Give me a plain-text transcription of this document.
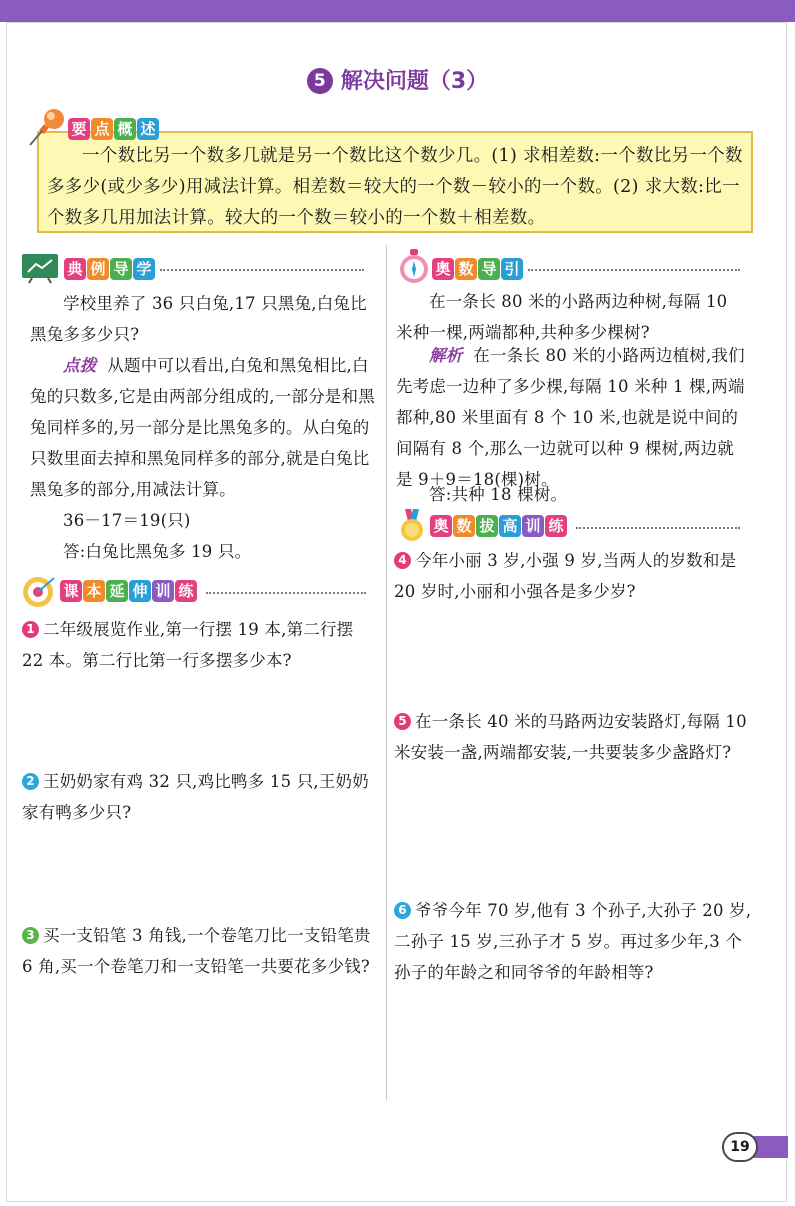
5 解决问题（3）
一个数比另一个数多几就是另一个数比这个数少几。(1) 求相差数:一个数比另一个数多多少(或少多少)用减法计算。相差数＝较大的一个数－较小的一个数。(2) 求大数:比一个数多几用加法计算。较大的一个数＝较小的一个数＋相差数。
要 点 概 述
典 例 导 学
学校里养了 36 只白兔,17 只黑兔,白兔比黑兔多多少只?
点拨 从题中可以看出,白兔和黑兔相比,白兔的只数多,它是由两部分组成的,一部分是和黑兔同样多的,另一部分是比黑兔多的。从白兔的只数里面去掉和黑兔同样多的部分,就是白兔比黑兔多的部分,用减法计算。
36－17＝19(只)
答:白兔比黑兔多 19 只。
课 本 延 伸 训 练
1 二年级展览作业,第一行摆 19 本,第二行摆 22 本。第二行比第一行多摆多少本?
2 王奶奶家有鸡 32 只,鸡比鸭多 15 只,王奶奶家有鸭多少只?
3 买一支铅笔 3 角钱,一个卷笔刀比一支铅笔贵 6 角,买一个卷笔刀和一支铅笔一共要花多少钱?
奥 数 导 引
在一条长 80 米的小路两边种树,每隔 10 米种一棵,两端都种,共种多少棵树?
解析 在一条长 80 米的小路两边植树,我们先考虑一边种了多少棵,每隔 10 米种 1 棵,两端都种,80 米里面有 8 个 10 米,也就是说中间的间隔有 8 个,那么一边就可以种 9 棵树,两边就是 9＋9＝18(棵)树。
答:共种 18 棵树。
奥 数 拔 高 训 练
4 今年小丽 3 岁,小强 9 岁,当两人的岁数和是 20 岁时,小丽和小强各是多少岁?
5 在一条长 40 米的马路两边安装路灯,每隔 10 米安装一盏,两端都安装,一共要装多少盏路灯?
6 爷爷今年 70 岁,他有 3 个孙子,大孙子 20 岁,二孙子 15 岁,三孙子才 5 岁。再过多少年,3 个孙子的年龄之和同爷爷的年龄相等?
19
